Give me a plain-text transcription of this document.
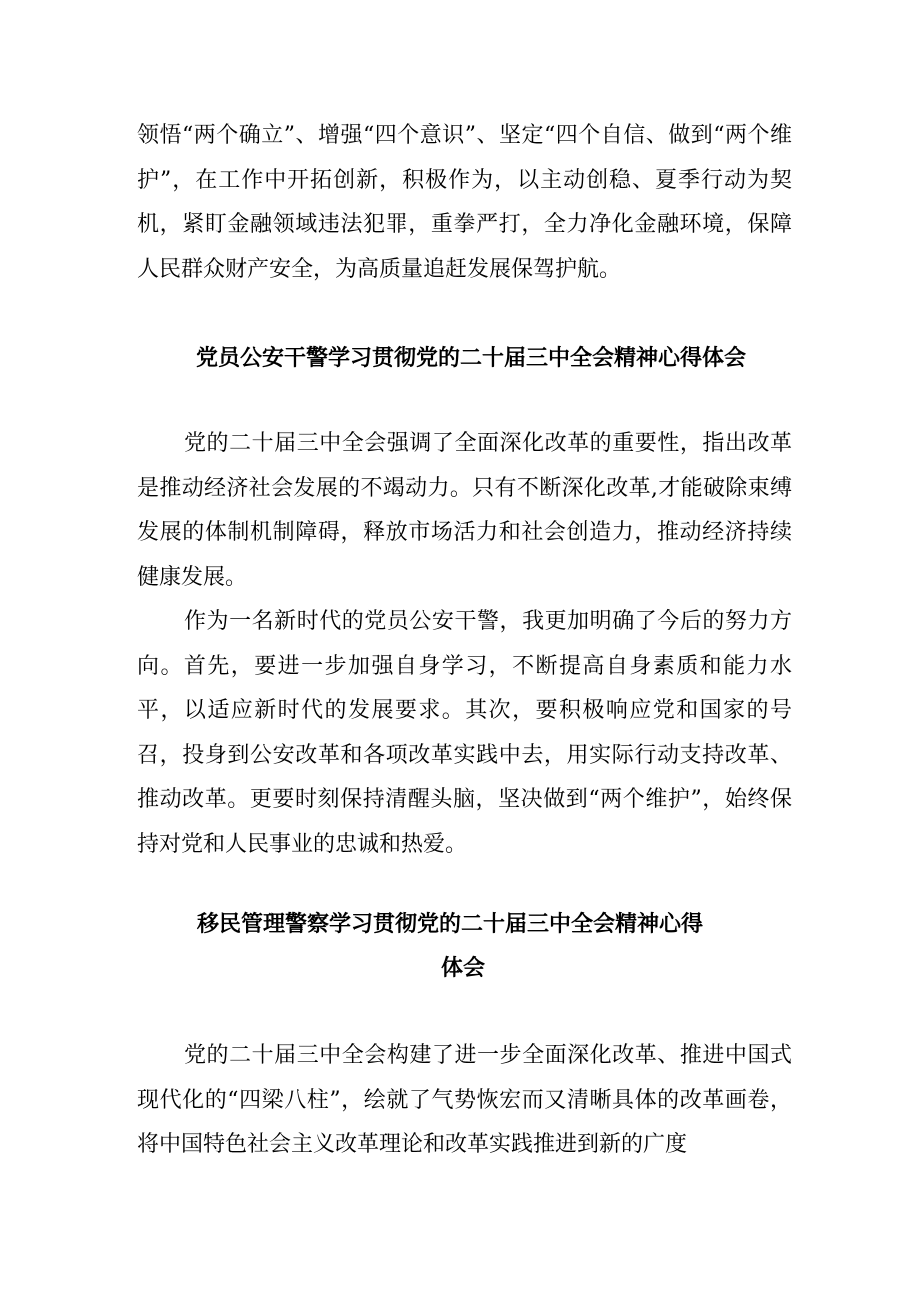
领悟“两个确立”、增强“四个意识”、坚定“四个自信、做到“两个维护”，在工作中开拓创新，积极作为，以主动创稳、夏季行动为契机，紧盯金融领域违法犯罪，重拳严打，全力净化金融环境，保障人民群众财产安全，为高质量追赶发展保驾护航。

党员公安干警学习贯彻党的二十届三中全会精神心得体会

党的二十届三中全会强调了全面深化改革的重要性，指出改革是推动经济社会发展的不竭动力。只有不断深化改革,才能破除束缚发展的体制机制障碍，释放市场活力和社会创造力，推动经济持续健康发展。

作为一名新时代的党员公安干警，我更加明确了今后的努力方向。首先，要进一步加强自身学习，不断提高自身素质和能力水平，以适应新时代的发展要求。其次，要积极响应党和国家的号召，投身到公安改革和各项改革实践中去，用实际行动支持改革、推动改革。更要时刻保持清醒头脑，坚决做到“两个维护”，始终保持对党和人民事业的忠诚和热爱。

移民管理警察学习贯彻党的二十届三中全会精神心得
体会

党的二十届三中全会构建了进一步全面深化改革、推进中国式现代化的“四梁八柱”，绘就了气势恢宏而又清晰具体的改革画卷，将中国特色社会主义改革理论和改革实践推进到新的广度
